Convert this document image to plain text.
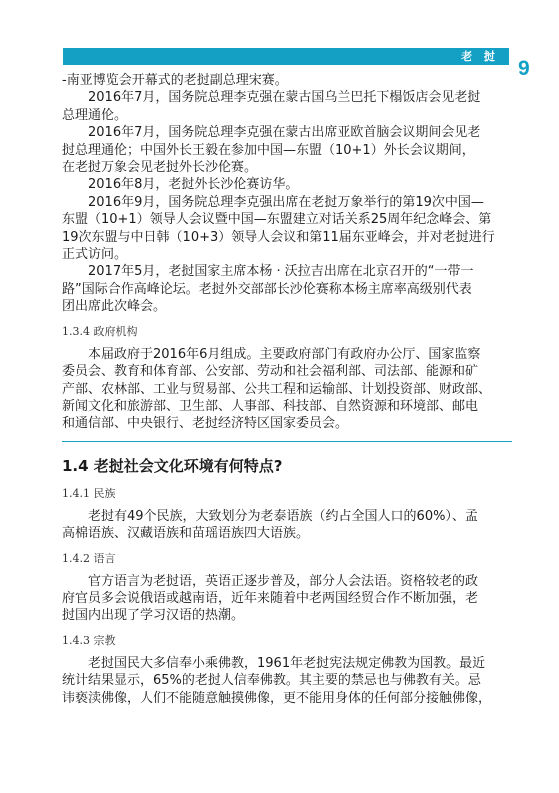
老 挝
9
-南亚博览会开幕式的老挝副总理宋赛。
2016年7月，国务院总理李克强在蒙古国乌兰巴托下榻饭店会见老挝
总理通伦。
2016年7月，国务院总理李克强在蒙古出席亚欧首脑会议期间会见老
挝总理通伦；中国外长王毅在参加中国—东盟（10+1）外长会议期间，
在老挝万象会见老挝外长沙伦赛。
2016年8月，老挝外长沙伦赛访华。
2016年9月，国务院总理李克强出席在老挝万象举行的第19次中国—
东盟（10+1）领导人会议暨中国—东盟建立对话关系25周年纪念峰会、第
19次东盟与中日韩（10+3）领导人会议和第11届东亚峰会，并对老挝进行
正式访问。
2017年5月，老挝国家主席本杨 · 沃拉吉出席在北京召开的“一带一
路”国际合作高峰论坛。老挝外交部部长沙伦赛称本杨主席率高级别代表
团出席此次峰会。
1.3.4 政府机构
本届政府于2016年6月组成。主要政府部门有政府办公厅、国家监察
委员会、教育和体育部、公安部、劳动和社会福利部、司法部、能源和矿
产部、农林部、工业与贸易部、公共工程和运输部、计划投资部、财政部、
新闻文化和旅游部、卫生部、人事部、科技部、自然资源和环境部、邮电
和通信部、中央银行、老挝经济特区国家委员会。
1.4 老挝社会文化环境有何特点?
1.4.1 民族
老挝有49个民族，大致划分为老泰语族（约占全国人口的60%）、孟
高棉语族、汉藏语族和苗瑶语族四大语族。
1.4.2 语言
官方语言为老挝语，英语正逐步普及，部分人会法语。资格较老的政
府官员多会说俄语或越南语，近年来随着中老两国经贸合作不断加强，老
挝国内出现了学习汉语的热潮。
1.4.3 宗教
老挝国民大多信奉小乘佛教，1961年老挝宪法规定佛教为国教。最近
统计结果显示，65%的老挝人信奉佛教。其主要的禁忌也与佛教有关。忌
讳亵渎佛像，人们不能随意触摸佛像，更不能用身体的任何部分接触佛像，
